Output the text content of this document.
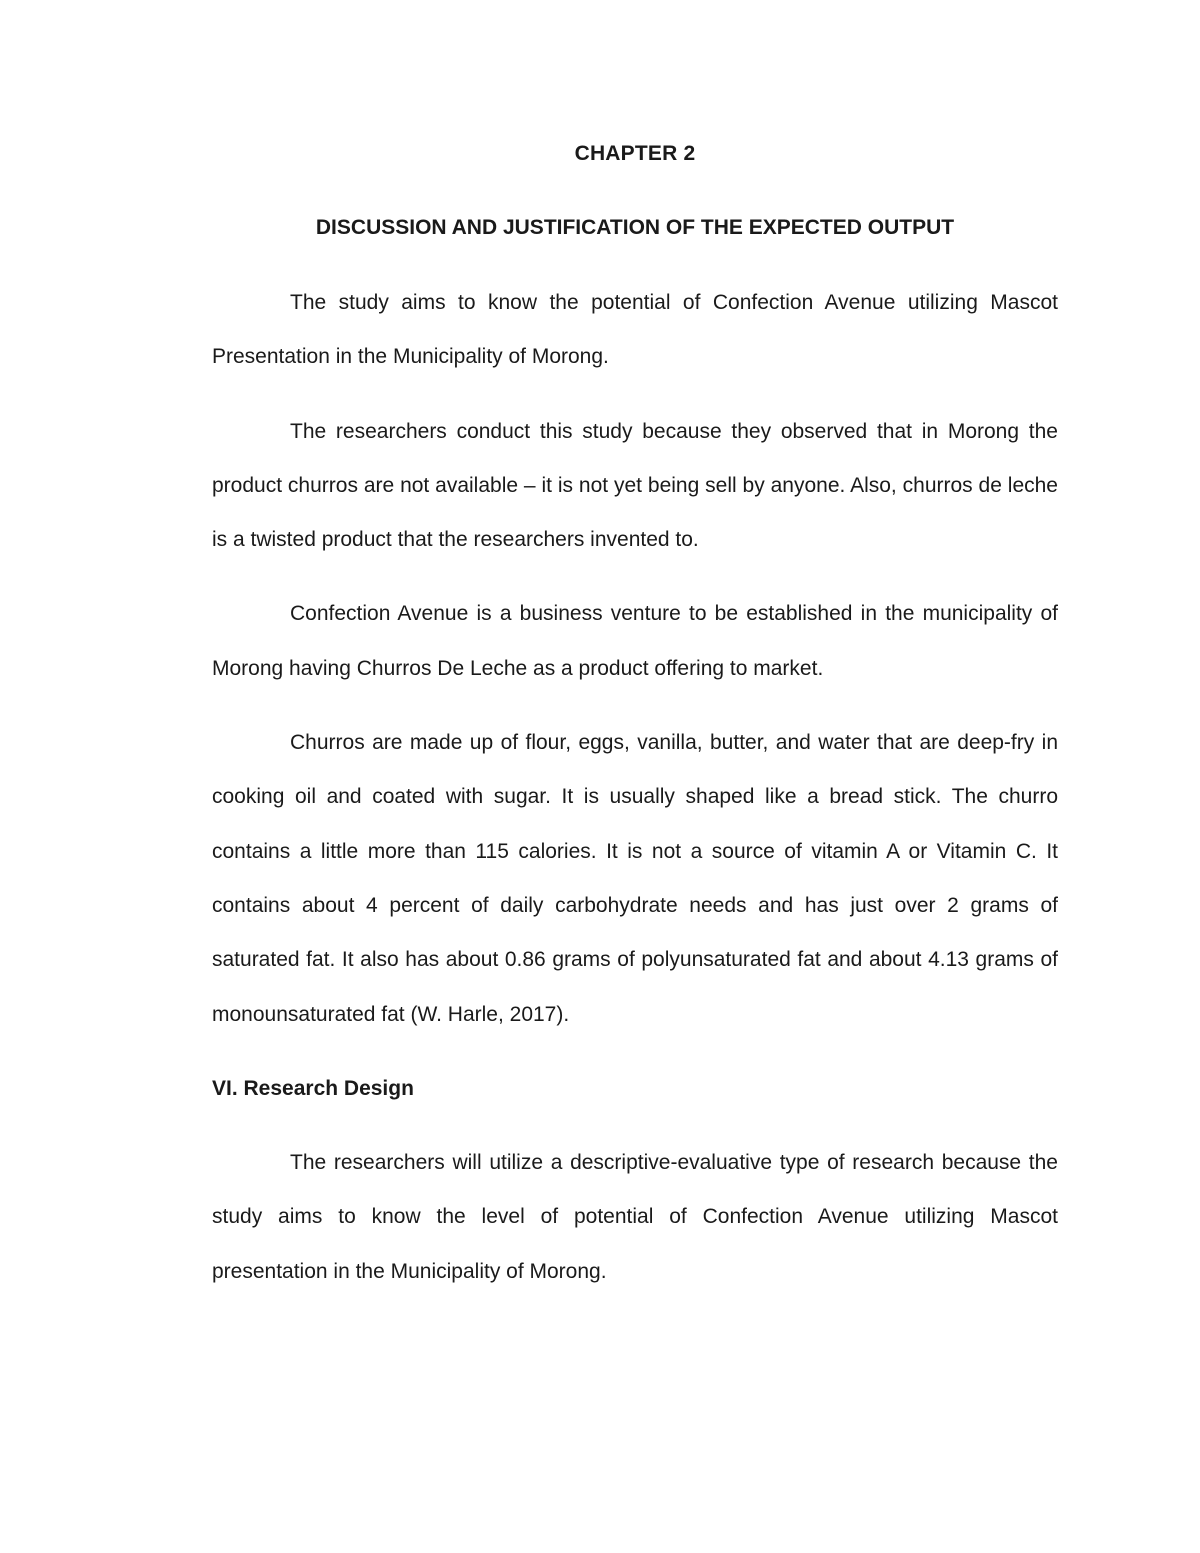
CHAPTER 2
DISCUSSION AND JUSTIFICATION OF THE EXPECTED OUTPUT

The study aims to know the potential of Confection Avenue utilizing Mascot Presentation in the Municipality of Morong.

The researchers conduct this study because they observed that in Morong the product churros are not available – it is not yet being sell by anyone. Also, churros de leche is a twisted product that the researchers invented to.

Confection Avenue is a business venture to be established in the municipality of Morong having Churros De Leche as a product offering to market.

Churros are made up of flour, eggs, vanilla, butter, and water that are deep-fry in cooking oil and coated with sugar. It is usually shaped like a bread stick. The churro contains a little more than 115 calories. It is not a source of vitamin A or Vitamin C. It contains about 4 percent of daily carbohydrate needs and has just over 2 grams of saturated fat. It also has about 0.86 grams of polyunsaturated fat and about 4.13 grams of monounsaturated fat (W. Harle, 2017).

VI. Research Design

The researchers will utilize a descriptive-evaluative type of research because the study aims to know the level of potential of Confection Avenue utilizing Mascot presentation in the Municipality of Morong.
